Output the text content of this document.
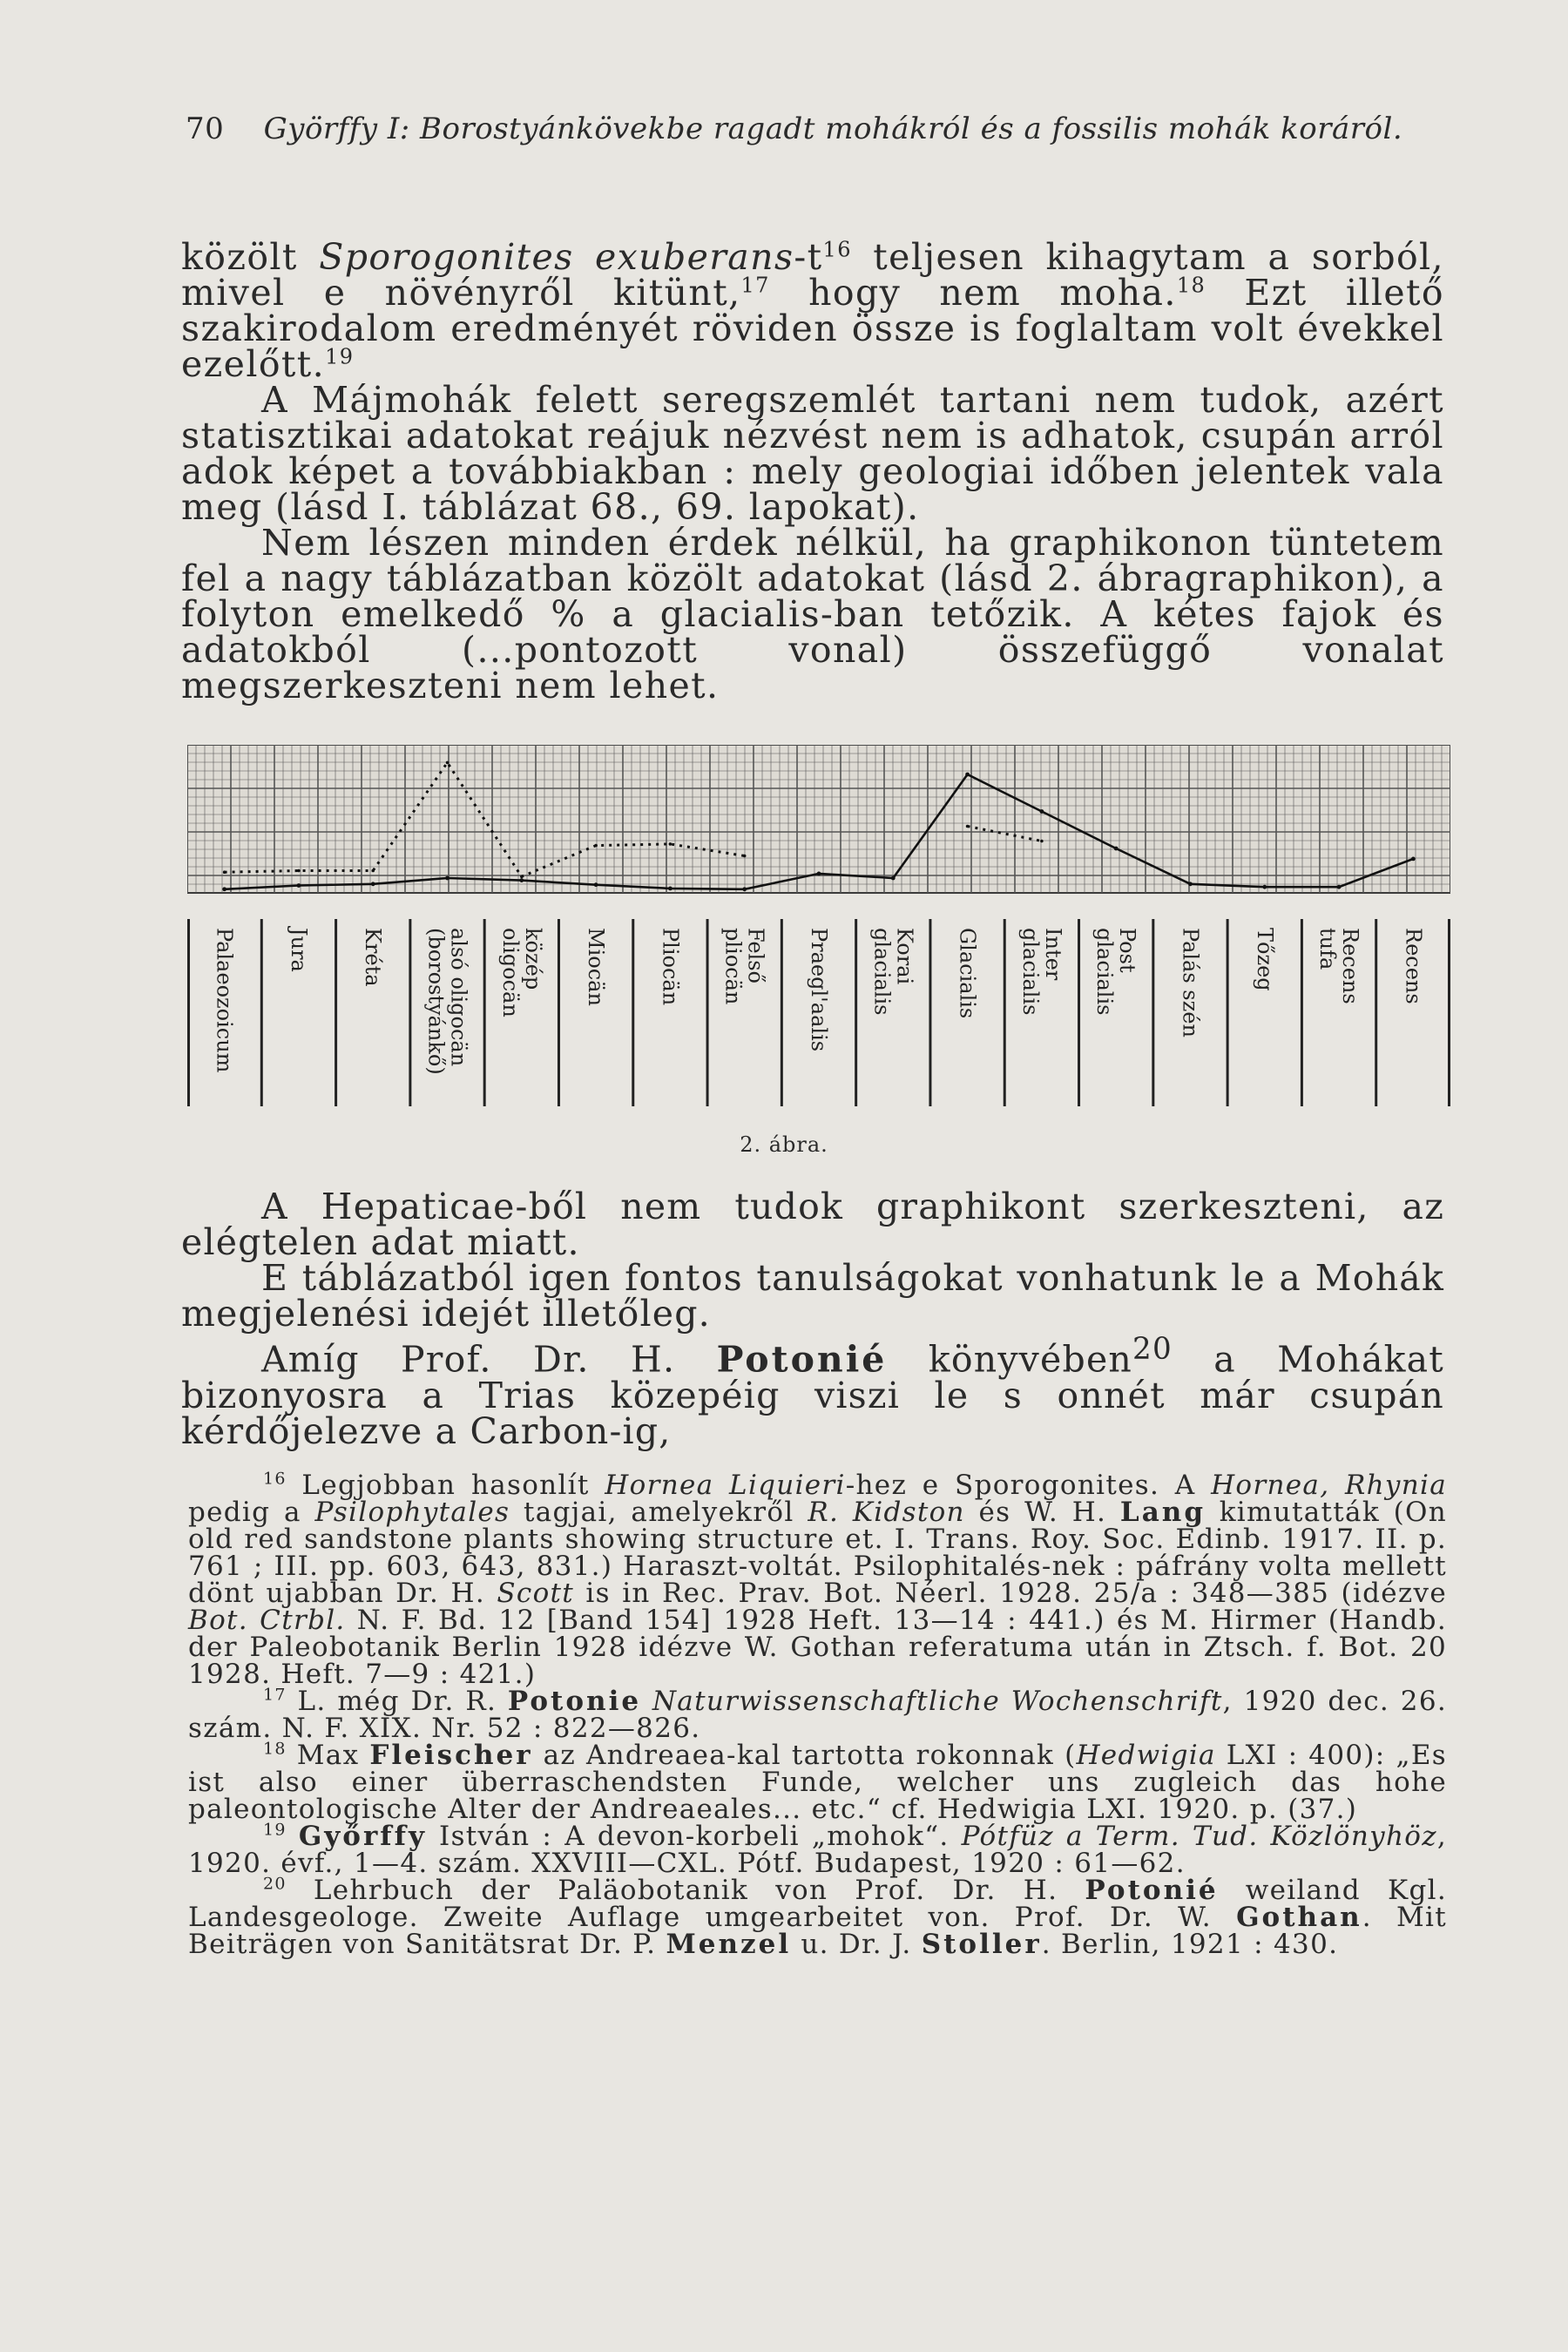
70 Györffy I: Borostyánkövekbe ragadt mohákról és a fossilis mohák koráról.

közölt Sporogonites exuberans-$t^{16}$ teljesen kihagytam a sorból, mivel e növényről kitünt,$^{17}$ hogy nem moha.$^{18}$ Ezt illető szakirodalom eredményét röviden össze is foglaltam volt évekkel ezelőtt.$^{19}$

A Májmohák felett seregszemlét tartani nem tudok, azért statisztikai adatokat reájuk nézvést nem is adhatok, csupán arról adok képet a továbbiakban : mely geologiai időben jelentek vala meg (lásd I. táblázat 68., 69. lapokat).

Nem lészen minden érdek nélkül, ha graphikonon tüntetem fel a nagy táblázatban közölt adatokat (lásd 2. ábragraphikon), a folyton emelkedő % a glacialis-ban tetőzik. A kétes fajok és adatokból (...pontozott vonal) összefüggő vonalat megszerkeszteni nem lehet.

Palaeozoicum Jura Kréta	alsó oligocän(borostyánkő)	középoligocän	Miocän Pliocän	Felsőpliocän	Praegl'aalis	Koraiglacialis	Glacialis	Interglacialis	Postglacialis	Palás szén Tőzeg	Recenstufa	Recens
2. ábra.

A Hepaticae-ből nem tudok graphikont szerkeszteni, az elégtelen adat miatt.

E táblázatból igen fontos tanulságokat vonhatunk le a Mohák megjelenési idejét illetőleg.

Amíg Prof. Dr. H. Potonié könyvében$^{20}$ a Mohákat bizonyosra a Trias közepéig viszi le s onnét már csupán kérdőjelezve a Carbon-ig,

$^{16}$ Legjobban hasonlít Hornea Liquieri-hez e Sporogonites. A Hornea, Rhynia pedig a Psilophytales tagjai, amelyekről R. Kidston és W. H. Lang kimutatták (On old red sandstone plants showing structure et. I. Trans. Roy. Soc. Edinb. 1917. II. p. 761 ; III. pp. 603, 643, 831.) Haraszt-voltát. Psilophitalés-nek : páfrány volta mellett dönt ujabban Dr. H. Scott is in Rec. Prav. Bot. Néerl. 1928. 25/a : 348—385 (idézve Bot. Ctrbl. N. F. Bd. 12 [Band 154] 1928 Heft. 13—14 : 441.) és M. Hirmer (Handb. der Paleobotanik Berlin 1928 idézve W. Gothan referatuma után in Ztsch. f. Bot. 20 1928. Heft. 7—9 : 421.)

$^{17}$ L. még Dr. R. Potonie Naturwissenschaftliche Wochenschrift, 1920 dec. 26. szám. N. F. XIX. Nr. 52 : 822—826.

$^{18}$ Max Fleischer az Andreaea-kal tartotta rokonnak (Hedwigia LXI : 400): „Es ist also einer überraschendsten Funde, welcher uns zugleich das hohe paleontologische Alter der Andreaeales... etc.“ cf. Hedwigia LXI. 1920. p. (37.)

$^{19}$ Győrffy István : A devon-korbeli „mohok“. Pótfüz a Term. Tud. Közlönyhöz, 1920. évf., 1—4. szám. XXVIII—CXL. Pótf. Budapest, 1920 : 61—62.

$^{20}$ Lehrbuch der Paläobotanik von Prof. Dr. H. Potonié weiland Kgl. Landesgeologe. Zweite Auflage umgearbeitet von. Prof. Dr. W. Gothan. Mit Beiträgen von Sanitätsrat Dr. P. Menzel u. Dr. J. Stoller. Berlin, 1921 : 430.
